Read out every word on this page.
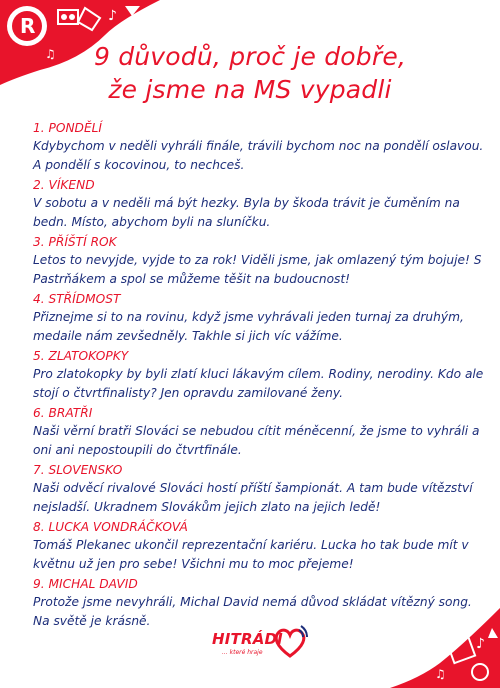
R	♪
♫	9 důvodů, proč je dobře,
že jsme na MS vypadli
1. PONDĚLÍ
Kdybychom v neděli vyhráli finále, trávili bychom noc na pondělí oslavou.
A pondělí s kocovinou, to nechceš.
2. VÍKEND
V sobotu a v neděli má být hezky. Byla by škoda trávit je čuměním na
bedn. Místo, abychom byli na sluníčku.
3. PŘÍŠTÍ ROK
Letos to nevyjde, vyjde to za rok! Viděli jsme, jak omlazený tým bojuje! S
Pastrňákem a spol se můžeme těšit na budoucnost!
4. STŘÍDMOST
Přiznejme si to na rovinu, když jsme vyhrávali jeden turnaj za druhým,
medaile nám zevšedněly. Takhle si jich víc vážíme.
5. ZLATOKOPKY
Pro zlatokopky by byli zlatí kluci lákavým cílem. Rodiny, nerodiny. Kdo ale
stojí o čtvrtfinalisty? Jen opravdu zamilované ženy.
6. BRATŘI
Naši věrní bratři Slováci se nebudou cítit méněcenní, že jsme to vyhráli a
oni ani nepostoupili do čtvrtfinále.
7. SLOVENSKO
Naši odvěcí rivalové Slováci hostí příští šampionát. A tam bude vítězství
nejsladší. Ukradnem Slovákům jejich zlato na jejich ledě!
8. LUCKA VONDRÁČKOVÁ
Tomáš Plekanec ukončil reprezentační kariéru. Lucka ho tak bude mít v
květnu už jen pro sebe! Všichni mu to moc přejeme!
9. MICHAL DAVID
Protože jsme nevyhráli, Michal David nemá důvod skládat vítězný song.
Na světě je krásně.
HITRÁDI
... které hraje
♪
♫
